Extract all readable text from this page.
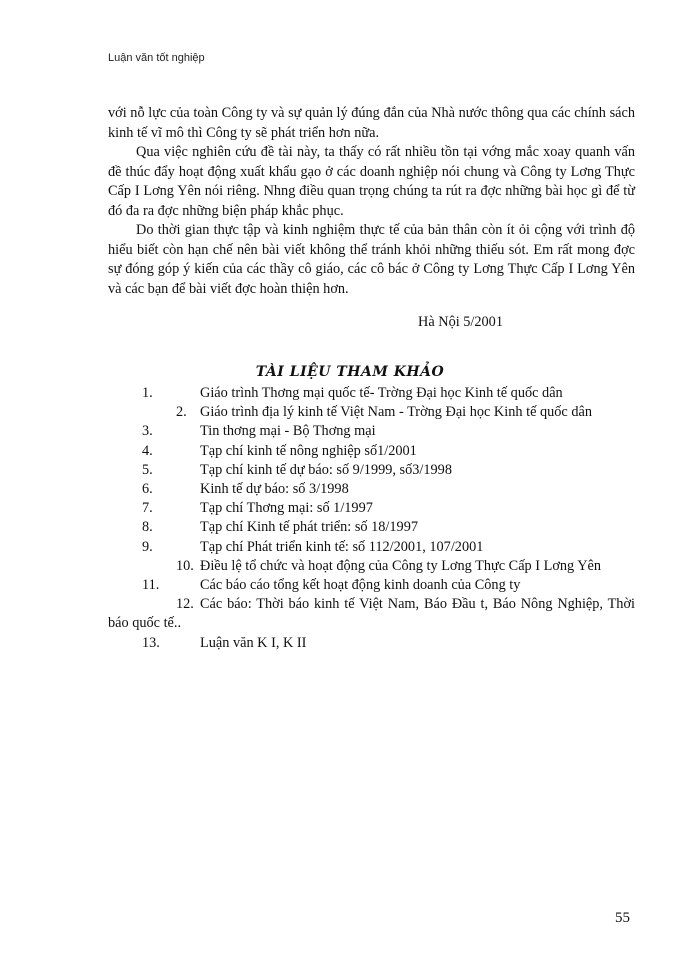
Luận văn tốt nghiệp

với nỗ lực của toàn Công ty và sự quản lý đúng đắn của Nhà nước thông qua các chính sách kinh tế vĩ mô thì Công ty sẽ phát triển hơn nữa.

Qua việc nghiên cứu đề tài này, ta thấy có rất nhiều tồn tại vớng mắc xoay quanh vấn đề thúc đẩy hoạt động xuất khẩu gạo ở các doanh nghiệp nói chung và Công ty Lơng Thực Cấp I Lơng Yên nói riêng. Nhng điều quan trọng chúng ta rút ra đợc những bài học gì để từ đó đa ra đợc những biện pháp khắc phục.

Do thời gian thực tập và kinh nghiệm thực tế của bản thân còn ít ỏi cộng với trình độ hiểu biết còn hạn chế nên bài viết không thể tránh khỏi những thiếu sót. Em rất mong đợc sự đóng góp ý kiến của các thầy cô giáo, các cô bác ở Công ty Lơng Thực Cấp I Lơng Yên và các bạn để bài viết đợc hoàn thiện hơn.

Hà Nội 5/2001
TÀI LIỆU THAM KHẢO

1.	Giáo trình Thơng mại quốc tế- Trờng Đại học Kinh tế quốc dân

2. Giáo trình địa lý kinh tế Việt Nam - Trờng Đại học Kinh tế quốc dân

3.	Tin thơng mại - Bộ Thơng mại

4.	Tạp chí kinh tế nông nghiệp số1/2001

5.	Tạp chí kinh tế dự báo: số 9/1999, số3/1998

6.	Kinh tế dự báo: số 3/1998

7.	Tạp chí Thơng mại: số 1/1997

8.	Tạp chí Kinh tế phát triển: số 18/1997

9.	Tạp chí Phát triển kinh tế: số 112/2001, 107/2001

10. Điều lệ tổ chức và hoạt động của Công ty Lơng Thực Cấp I Lơng Yên

11.	Các báo cáo tổng kết hoạt động kinh doanh của Công ty

12. Các báo: Thời báo kinh tế Việt Nam, Báo Đầu t, Báo Nông Nghiệp, Thời báo quốc tế..

13.	Luận văn K I, K II

55
